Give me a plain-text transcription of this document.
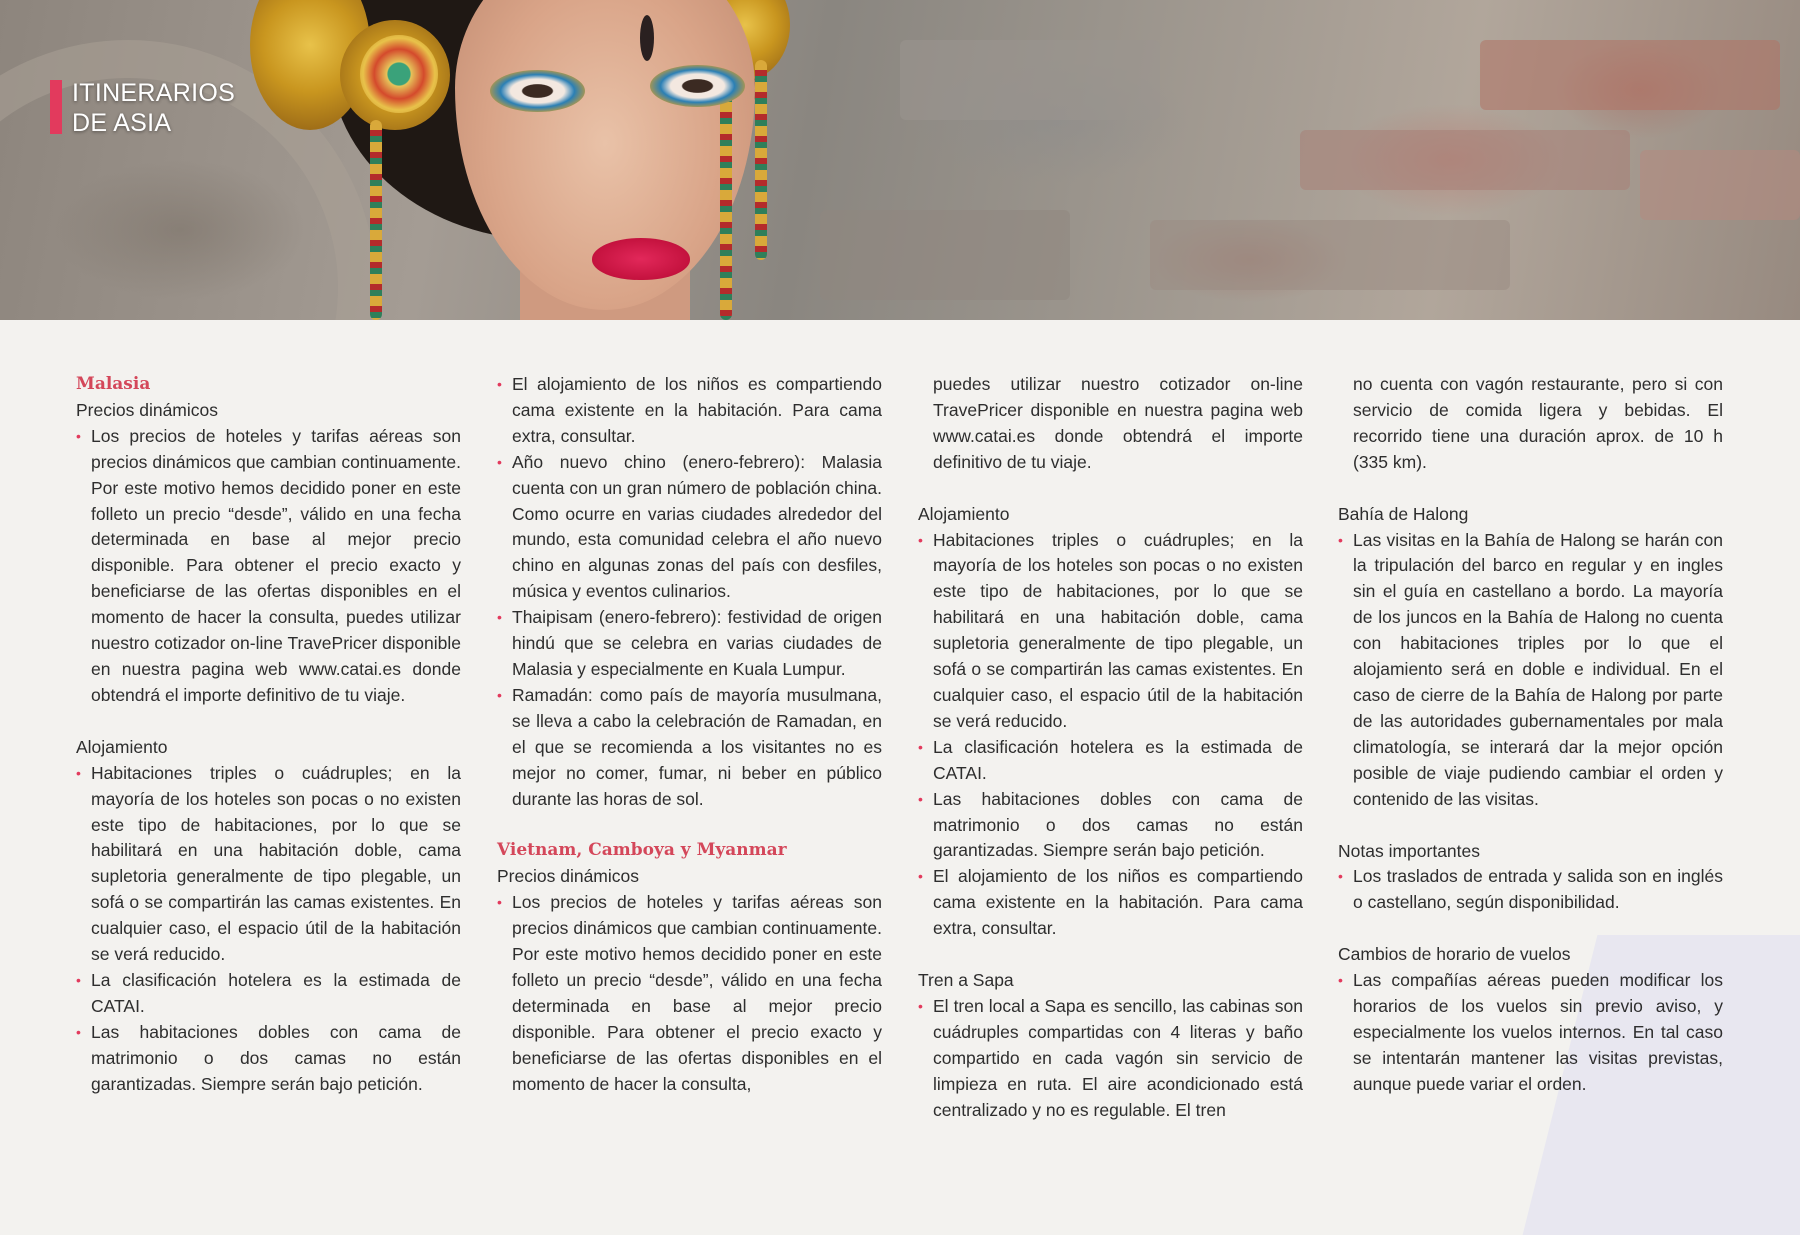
ITINERARIOS
DE ASIA

Malasia

Precios dinámicos

• Los precios de hoteles y tarifas aéreas son precios dinámicos que cambian continuamente. Por este motivo hemos decidido poner en este folleto un precio “desde”, válido en una fecha determinada en base al mejor precio disponible. Para obtener el precio exacto y beneficiarse de las ofertas disponibles en el momento de hacer la consulta, puedes utilizar nuestro cotizador on-line TravePricer disponible en nuestra pagina web www.catai.es donde obtendrá el importe definitivo de tu viaje.

Alojamiento

• Habitaciones triples o cuádruples; en la mayoría de los hoteles son pocas o no existen este tipo de habitaciones, por lo que se habilitará en una habitación doble, cama supletoria generalmente de tipo plegable, un sofá o se compartirán las camas existentes. En cualquier caso, el espacio útil de la habitación se verá reducido.

• La clasificación hotelera es la estimada de CATAI.

• Las habitaciones dobles con cama de matrimonio o dos camas no están garantizadas. Siempre serán bajo petición.

• El alojamiento de los niños es compartiendo cama existente en la habitación. Para cama extra, consultar.

• Año nuevo chino (enero-febrero): Malasia cuenta con un gran número de población china. Como ocurre en varias ciudades alrededor del mundo, esta comunidad celebra el año nuevo chino en algunas zonas del país con desfiles, música y eventos culinarios.

• Thaipisam (enero-febrero): festividad de origen hindú que se celebra en varias ciudades de Malasia y especialmente en Kuala Lumpur.

• Ramadán: como país de mayoría musulmana, se lleva a cabo la celebración de Ramadan, en el que se recomienda a los visitantes no es mejor no comer, fumar, ni beber en público durante las horas de sol.

Vietnam, Camboya y Myanmar

Precios dinámicos

• Los precios de hoteles y tarifas aéreas son precios dinámicos que cambian continuamente. Por este motivo hemos decidido poner en este folleto un precio “desde”, válido en una fecha determinada en base al mejor precio disponible. Para obtener el precio exacto y beneficiarse de las ofertas disponibles en el momento de hacer la consulta,

puedes utilizar nuestro cotizador on-line TravePricer disponible en nuestra pagina web www.catai.es donde obtendrá el importe definitivo de tu viaje.

Alojamiento

• Habitaciones triples o cuádruples; en la mayoría de los hoteles son pocas o no existen este tipo de habitaciones, por lo que se habilitará en una habitación doble, cama supletoria generalmente de tipo plegable, un sofá o se compartirán las camas existentes. En cualquier caso, el espacio útil de la habitación se verá reducido.

• La clasificación hotelera es la estimada de CATAI.

• Las habitaciones dobles con cama de matrimonio o dos camas no están garantizadas. Siempre serán bajo petición.

• El alojamiento de los niños es compartiendo cama existente en la habitación. Para cama extra, consultar.

Tren a Sapa

• El tren local a Sapa es sencillo, las cabinas son cuádruples compartidas con 4 literas y baño compartido en cada vagón sin servicio de limpieza en ruta. El aire acondicionado está centralizado y no es regulable. El tren

no cuenta con vagón restaurante, pero si con servicio de comida ligera y bebidas. El recorrido tiene una duración aprox. de 10 h (335 km).

Bahía de Halong

• Las visitas en la Bahía de Halong se harán con la tripulación del barco en regular y en ingles sin el guía en castellano a bordo. La mayoría de los juncos en la Bahía de Halong no cuenta con habitaciones triples por lo que el alojamiento será en doble e individual. En el caso de cierre de la Bahía de Halong por parte de las autoridades gubernamentales por mala climatología, se interará dar la mejor opción posible de viaje pudiendo cambiar el orden y contenido de las visitas.

Notas importantes

• Los traslados de entrada y salida son en inglés o castellano, según disponibilidad.

Cambios de horario de vuelos

• Las compañías aéreas pueden modificar los horarios de los vuelos sin previo aviso, y especialmente los vuelos internos. En tal caso se intentarán mantener las visitas previstas, aunque puede variar el orden.
